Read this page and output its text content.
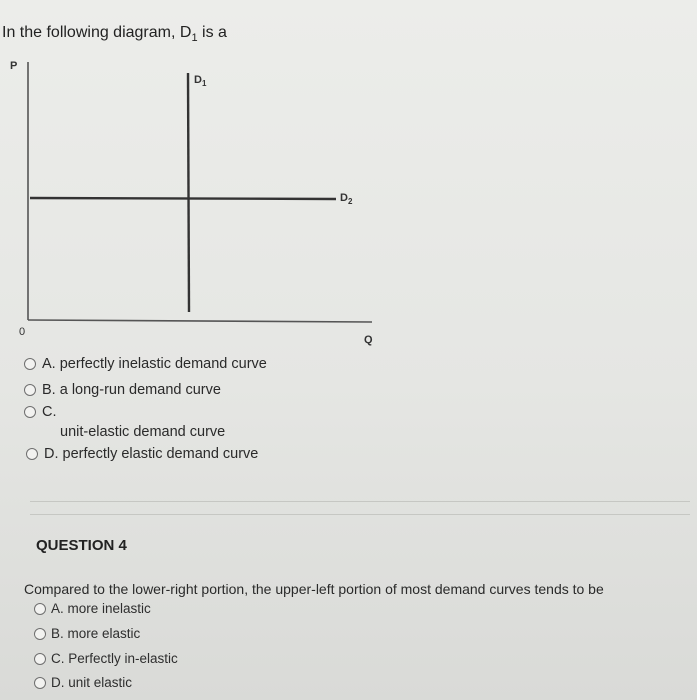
In the following diagram, $D_1$ is a
P
Q
0
$D_1$
$D_2$
A. perfectly inelastic demand curve
B. a long-run demand curve
C.
unit-elastic demand curve
D. perfectly elastic demand curve
QUESTION 4
Compared to the lower-right portion, the upper-left portion of most demand curves tends to be
A. more inelastic
B. more elastic
C. Perfectly in-elastic
D. unit elastic
